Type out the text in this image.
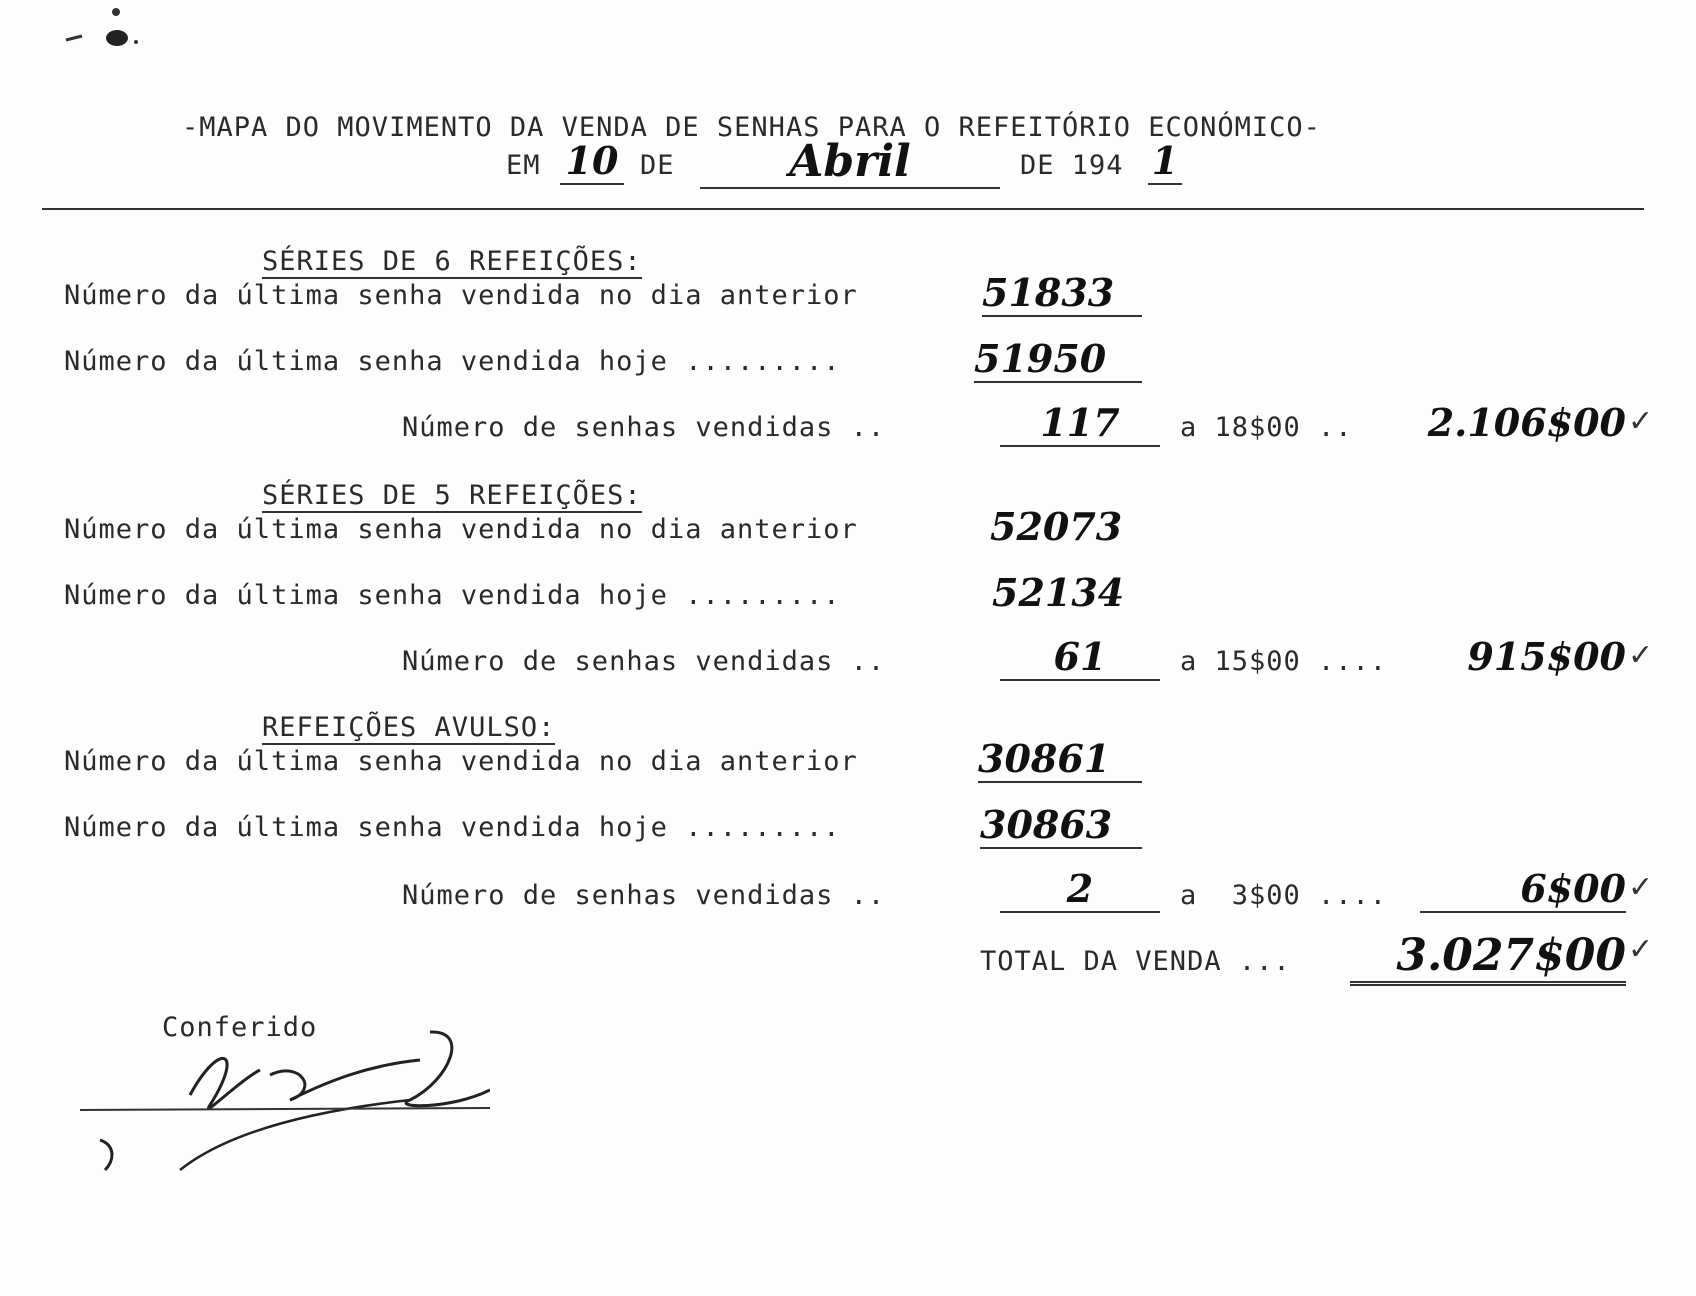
-MAPA DO MOVIMENTO DA VENDA DE SENHAS PARA O REFEITÓRIO ECONÓMICO-
EM 10 DE	Abril	DE 194 1
SÉRIES DE 6 REFEIÇÕES:
Número da última senha vendida no dia anterior	51833
Número da última senha vendida hoje .........	51950
Número de senhas vendidas ..	117	a 18$00 ..	2.106$00 ✓
SÉRIES DE 5 REFEIÇÕES:
Número da última senha vendida no dia anterior	52073
Número da última senha vendida hoje .........	52134
Número de senhas vendidas ..	61	a 15$00 ....	915$00 ✓
REFEIÇÕES AVULSO:
Número da última senha vendida no dia anterior	30861
Número da última senha vendida hoje .........	30863
Número de senhas vendidas ..	2	a  3$00 ....	6$00 ✓
TOTAL DA VENDA ...	3.027$00 ✓
Conferido
